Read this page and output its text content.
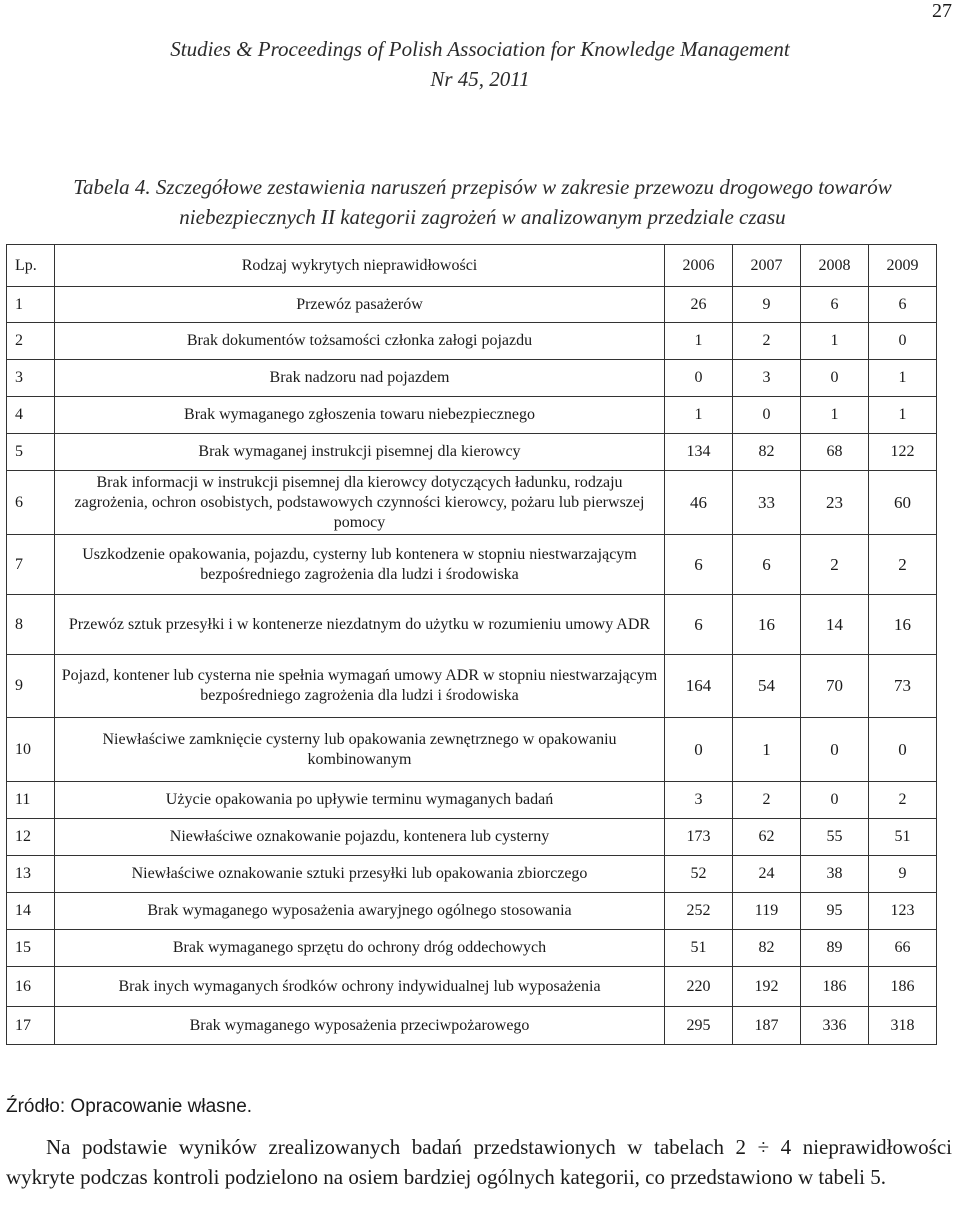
27
Studies & Proceedings of Polish Association for Knowledge Management
Nr 45, 2011
Tabela 4. Szczegółowe zestawienia naruszeń przepisów w zakresie przewozu drogowego towarów
niebezpiecznych II kategorii zagrożeń w analizowanym przedziale czasu
Lp.	Rodzaj wykrytych nieprawidłowości	2006	2007	2008	2009
1	Przewóz pasażerów	26	9	6	6
2	Brak dokumentów tożsamości członka załogi pojazdu	1	2	1	0
3	Brak nadzoru nad pojazdem	0	3	0	1
4	Brak wymaganego zgłoszenia towaru niebezpiecznego	1	0	1	1
5	Brak wymaganej instrukcji pisemnej dla kierowcy	134	82	68	122
6	Brak informacji w instrukcji pisemnej dla kierowcy dotyczących ładunku, rodzaju zagrożenia, ochron osobistych, podstawowych czynności kierowcy, pożaru lub pierwszej pomocy	46	33	23	60
7	Uszkodzenie opakowania, pojazdu, cysterny lub kontenera w stopniu niestwarzającym bezpośredniego zagrożenia dla ludzi i środowiska	6	6	2	2
8	Przewóz sztuk przesyłki i w kontenerze niezdatnym do użytku w rozumieniu umowy ADR	6	16	14	16
9	Pojazd, kontener lub cysterna nie spełnia wymagań umowy ADR w stopniu niestwarzającym bezpośredniego zagrożenia dla ludzi i środowiska	164	54	70	73
10	Niewłaściwe zamknięcie cysterny lub opakowania zewnętrznego w opakowaniu kombinowanym	0	1	0	0
11	Użycie opakowania po upływie terminu wymaganych badań	3	2	0	2
12	Niewłaściwe oznakowanie pojazdu, kontenera lub cysterny	173	62	55	51
13	Niewłaściwe oznakowanie sztuki przesyłki lub opakowania zbiorczego	52	24	38	9
14	Brak wymaganego wyposażenia awaryjnego ogólnego stosowania	252	119	95	123
15	Brak wymaganego sprzętu do ochrony dróg oddechowych	51	82	89	66
16	Brak inych wymaganych środków ochrony indywidualnej lub wyposażenia	220	192	186	186
17	Brak wymaganego wyposażenia przeciwpożarowego	295	187	336	318
Źródło: Opracowanie własne.
Na podstawie wyników zrealizowanych badań przedstawionych w tabelach 2 ÷ 4 nieprawidłowości wykryte podczas kontroli podzielono na osiem bardziej ogólnych kategorii, co przedstawiono w tabeli 5.
